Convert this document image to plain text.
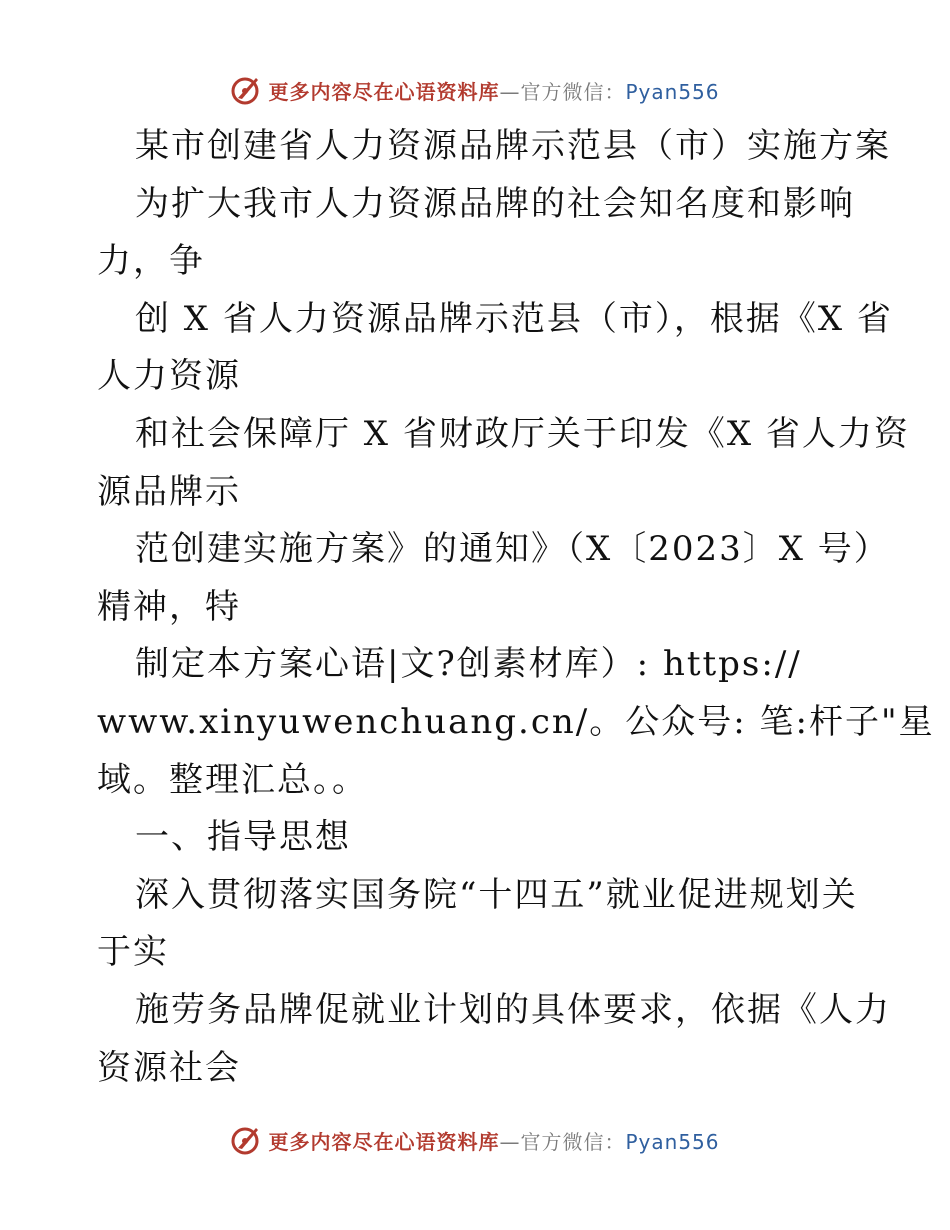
更多内容尽在心语资料库—官方微信：Pyan556
某市创建省人力资源品牌示范县（市）实施方案
为扩大我市人力资源品牌的社会知名度和影响
力，争
创 X 省人力资源品牌示范县（市），根据《X 省
人力资源
和社会保障厅 X 省财政厅关于印发《X 省人力资
源品牌示
范创建实施方案》的通知》（X〔2023〕X 号）
精神，特
制定本方案心语|文?创素材库）: https://
www.xinyuwenchuang.cn/。公众号: 笔:杆子"星
域。整理汇总。。
一、指导思想
深入贯彻落实国务院“十四五”就业促进规划关
于实
施劳务品牌促就业计划的具体要求，依据《人力
资源社会
更多内容尽在心语资料库—官方微信：Pyan556
